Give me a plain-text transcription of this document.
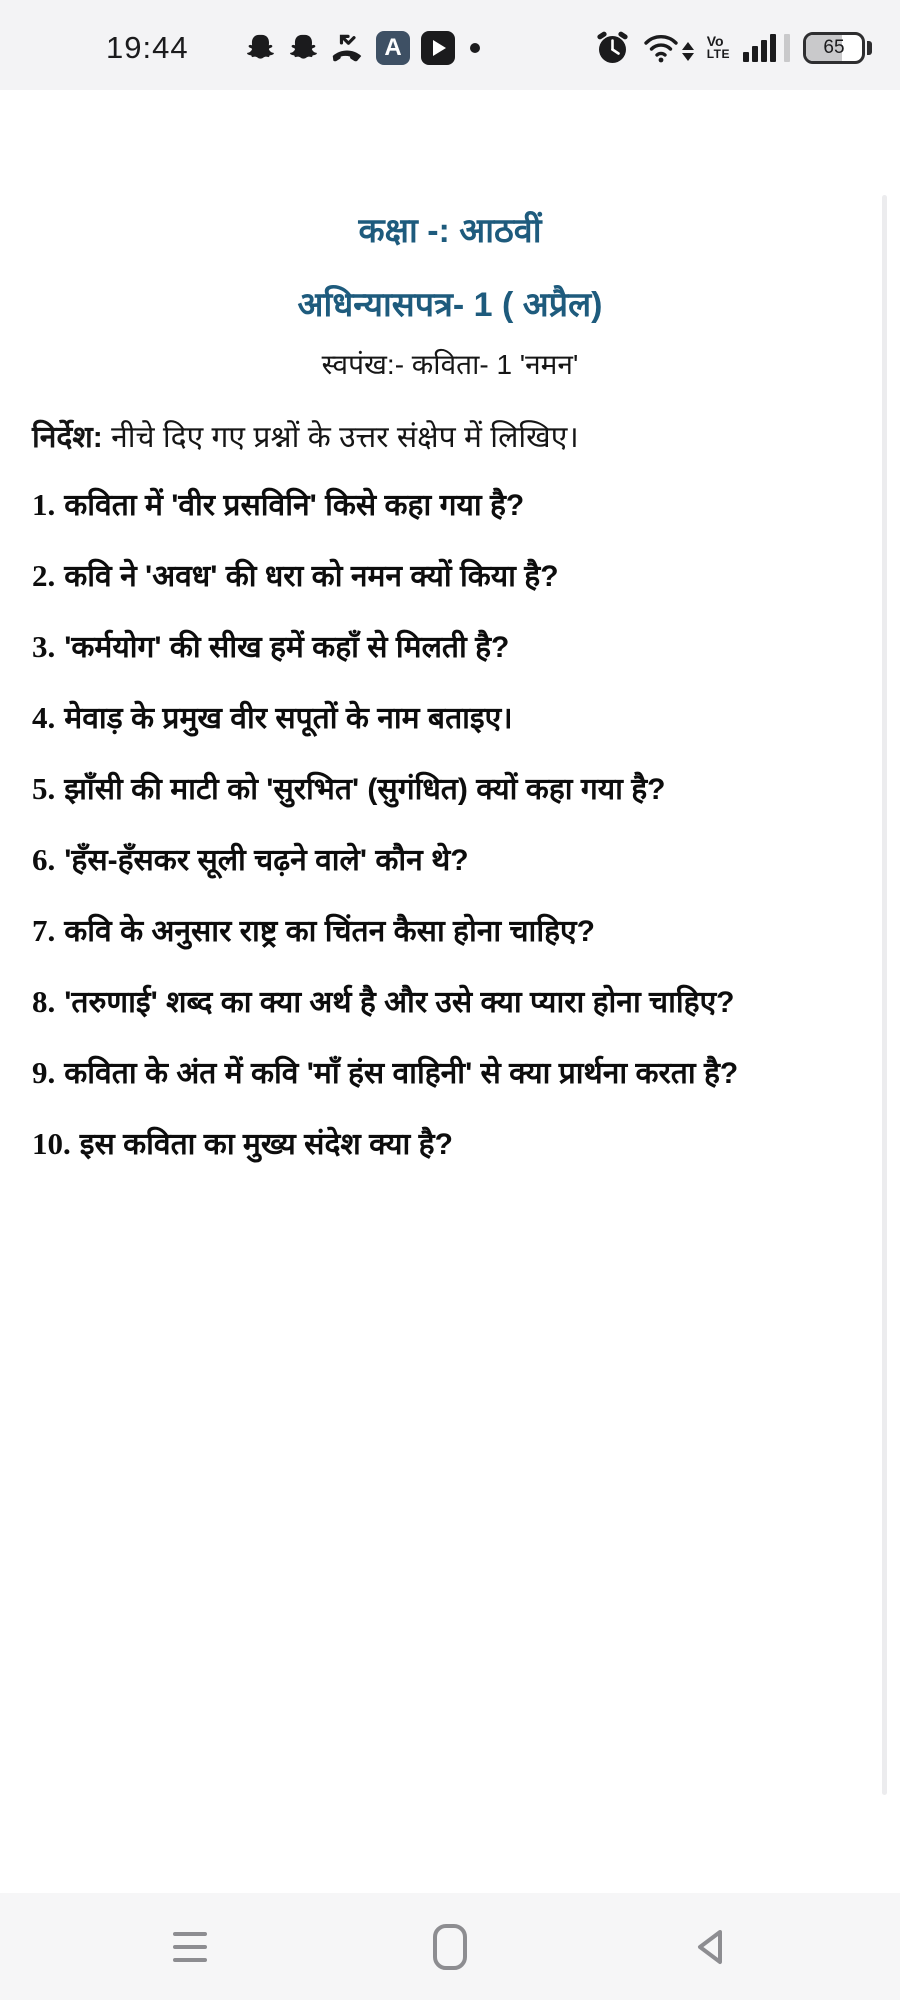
19:44	A	Vo
LTE	65
कक्षा -: आठवीं
अधिन्यासपत्र- 1 ( अप्रैल)
स्वपंख:- कविता- 1 'नमन'

निर्देश: नीचे दिए गए प्रश्नों के उत्तर संक्षेप में लिखिए।

1. कविता में 'वीर प्रसविनि' किसे कहा गया है?
2. कवि ने 'अवध' की धरा को नमन क्यों किया है?
3. 'कर्मयोग' की सीख हमें कहाँ से मिलती है?
4. मेवाड़ के प्रमुख वीर सपूतों के नाम बताइए।
5. झाँसी की माटी को 'सुरभित' (सुगंधित) क्यों कहा गया है?
6. 'हँस-हँसकर सूली चढ़ने वाले' कौन थे?
7. कवि के अनुसार राष्ट्र का चिंतन कैसा होना चाहिए?
8. 'तरुणाई' शब्द का क्या अर्थ है और उसे क्या प्यारा होना चाहिए?
9. कविता के अंत में कवि 'माँ हंस वाहिनी' से क्या प्रार्थना करता है?
10. इस कविता का मुख्य संदेश क्या है?
